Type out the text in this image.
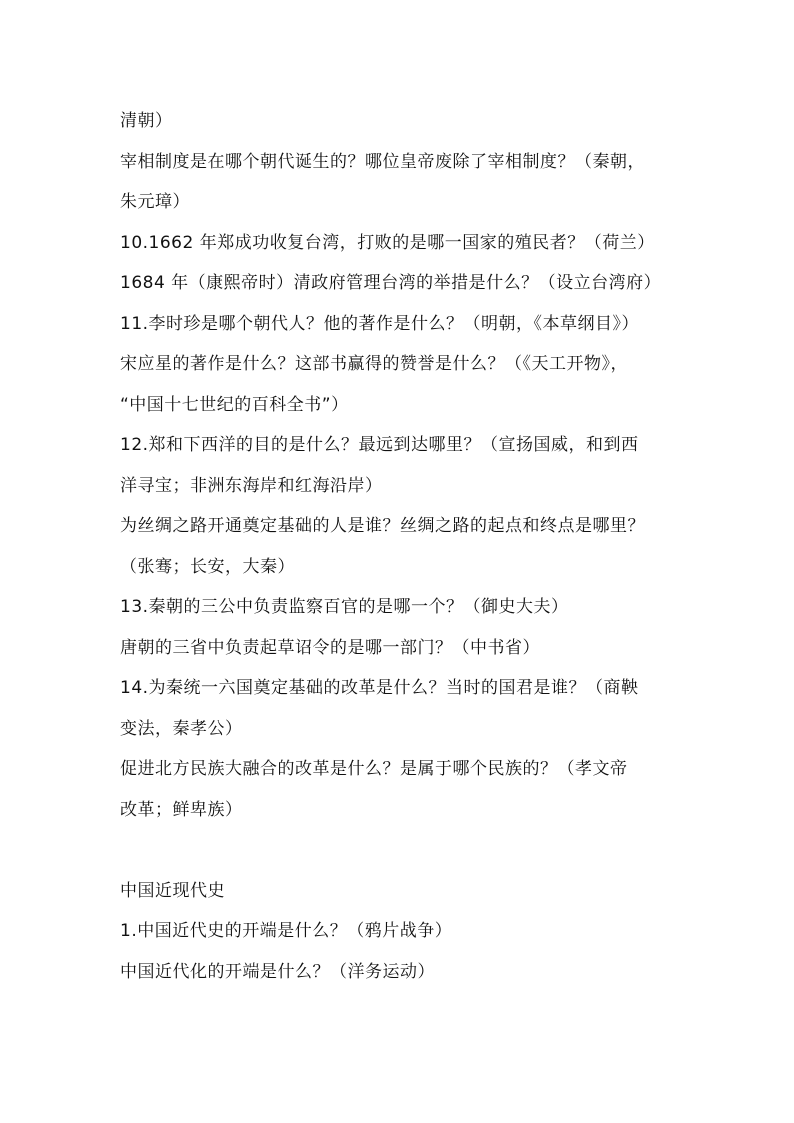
清朝）
宰相制度是在哪个朝代诞生的？哪位皇帝废除了宰相制度？（秦朝，
朱元璋）
10.1662 年郑成功收复台湾，打败的是哪一国家的殖民者？（荷兰）
1684 年（康熙帝时）清政府管理台湾的举措是什么？（设立台湾府）
11.李时珍是哪个朝代人？他的著作是什么？（明朝，《本草纲目》）
宋应星的著作是什么？这部书赢得的赞誉是什么？（《天工开物》，
“中国十七世纪的百科全书”）
12.郑和下西洋的目的是什么？最远到达哪里？（宣扬国威，和到西
洋寻宝；非洲东海岸和红海沿岸）
为丝绸之路开通奠定基础的人是谁？丝绸之路的起点和终点是哪里？
（张骞；长安，大秦）
13.秦朝的三公中负责监察百官的是哪一个？（御史大夫）
唐朝的三省中负责起草诏令的是哪一部门？（中书省）
14.为秦统一六国奠定基础的改革是什么？当时的国君是谁？（商鞅
变法，秦孝公）
促进北方民族大融合的改革是什么？是属于哪个民族的？（孝文帝
改革；鲜卑族）
中国近现代史
1.中国近代史的开端是什么？（鸦片战争）
中国近代化的开端是什么？（洋务运动）
